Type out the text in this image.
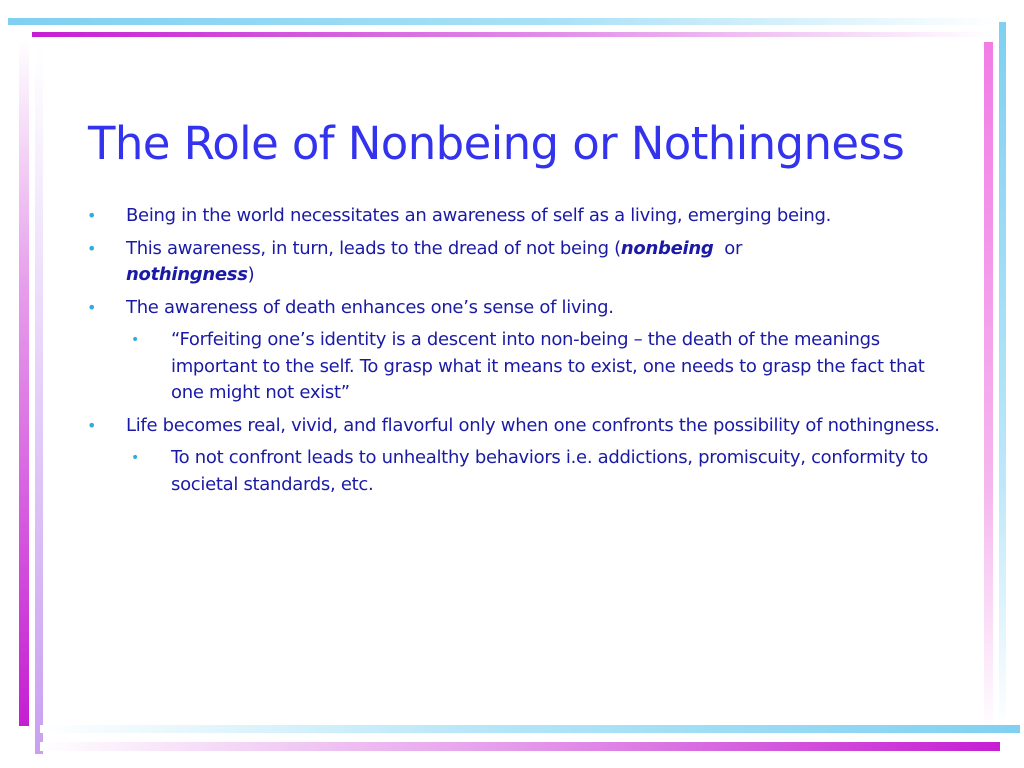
The Role of Nonbeing or Nothingness
• Being in the world necessitates an awareness of self as a living, emerging being.
• This awareness, in turn, leads to the dread of not being (nonbeing  or
nothingness)
• The awareness of death enhances one’s sense of living.
• “Forfeiting one’s identity is a descent into non-being – the death of the meanings important to the self. To grasp what it means to exist, one needs to grasp the fact that one might not exist”
• Life becomes real, vivid, and flavorful only when one confronts the possibility of nothingness.
• To not confront leads to unhealthy behaviors i.e. addictions, promiscuity, conformity to societal standards, etc.
